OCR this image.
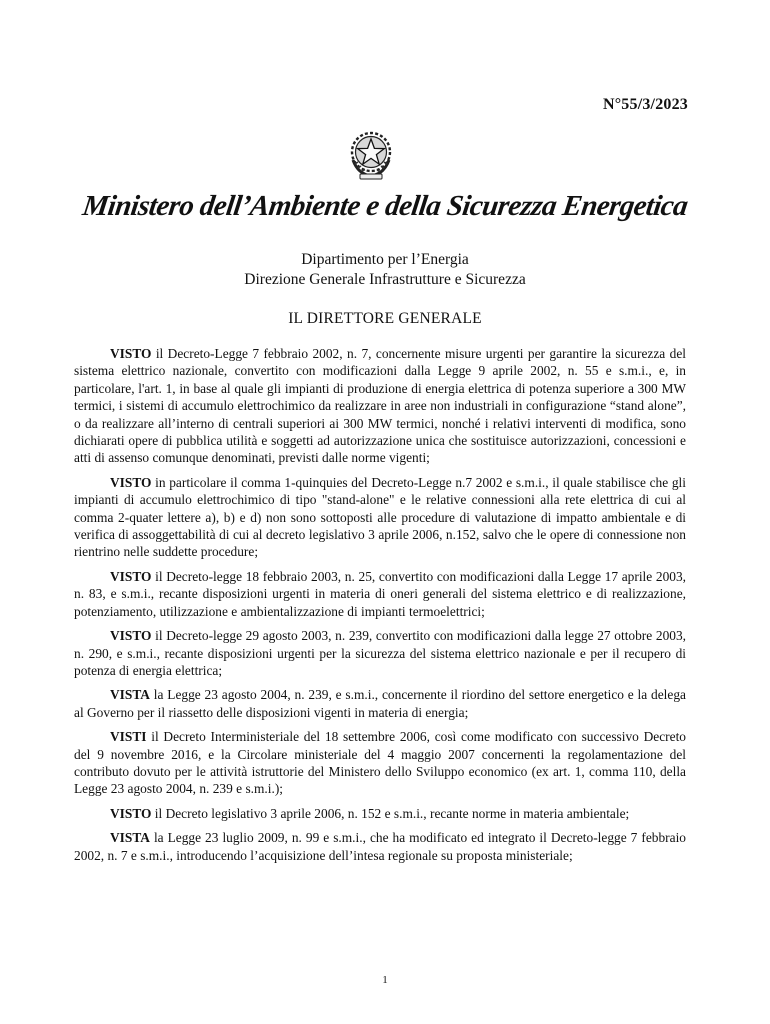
N°55/3/2023
Ministero dell’Ambiente e della Sicurezza Energetica
Dipartimento per l’Energia
Direzione Generale Infrastrutture e Sicurezza
IL DIRETTORE GENERALE

VISTO il Decreto-Legge 7 febbraio 2002, n. 7, concernente misure urgenti per garantire la sicurezza del sistema elettrico nazionale, convertito con modificazioni dalla Legge 9 aprile 2002, n. 55 e s.m.i., e, in particolare, l'art. 1, in base al quale gli impianti di produzione di energia elettrica di potenza superiore a 300 MW termici, i sistemi di accumulo elettrochimico da realizzare in aree non industriali in configurazione “stand alone”, o da realizzare all’interno di centrali superiori ai 300 MW termici, nonché i relativi interventi di modifica, sono dichiarati opere di pubblica utilità e soggetti ad autorizzazione unica che sostituisce autorizzazioni, concessioni e atti di assenso comunque denominati, previsti dalle norme vigenti;

VISTO in particolare il comma 1-quinquies del Decreto-Legge n.7 2002 e s.m.i., il quale stabilisce che gli impianti di accumulo elettrochimico di tipo "stand-alone" e le relative connessioni alla rete elettrica di cui al comma 2-quater lettere a), b) e d) non sono sottoposti alle procedure di valutazione di impatto ambientale e di verifica di assoggettabilità di cui al decreto legislativo 3 aprile 2006, n.152, salvo che le opere di connessione non rientrino nelle suddette procedure;

VISTO il Decreto-legge 18 febbraio 2003, n. 25, convertito con modificazioni dalla Legge 17 aprile 2003, n. 83, e s.m.i., recante disposizioni urgenti in materia di oneri generali del sistema elettrico e di realizzazione, potenziamento, utilizzazione e ambientalizzazione di impianti termoelettrici;

VISTO il Decreto-legge 29 agosto 2003, n. 239, convertito con modificazioni dalla legge 27 ottobre 2003, n. 290, e s.m.i., recante disposizioni urgenti per la sicurezza del sistema elettrico nazionale e per il recupero di potenza di energia elettrica;

VISTA la Legge 23 agosto 2004, n. 239, e s.m.i., concernente il riordino del settore energetico e la delega al Governo per il riassetto delle disposizioni vigenti in materia di energia;

VISTI il Decreto Interministeriale del 18 settembre 2006, così come modificato con successivo Decreto del 9 novembre 2016, e la Circolare ministeriale del 4 maggio 2007 concernenti la regolamentazione del contributo dovuto per le attività istruttorie del Ministero dello Sviluppo economico (ex art. 1, comma 110, della Legge 23 agosto 2004, n. 239 e s.m.i.);

VISTO il Decreto legislativo 3 aprile 2006, n. 152 e s.m.i., recante norme in materia ambientale;

VISTA la Legge 23 luglio 2009, n. 99 e s.m.i., che ha modificato ed integrato il Decreto-legge 7 febbraio 2002, n. 7 e s.m.i., introducendo l’acquisizione dell’intesa regionale su proposta ministeriale;

1
